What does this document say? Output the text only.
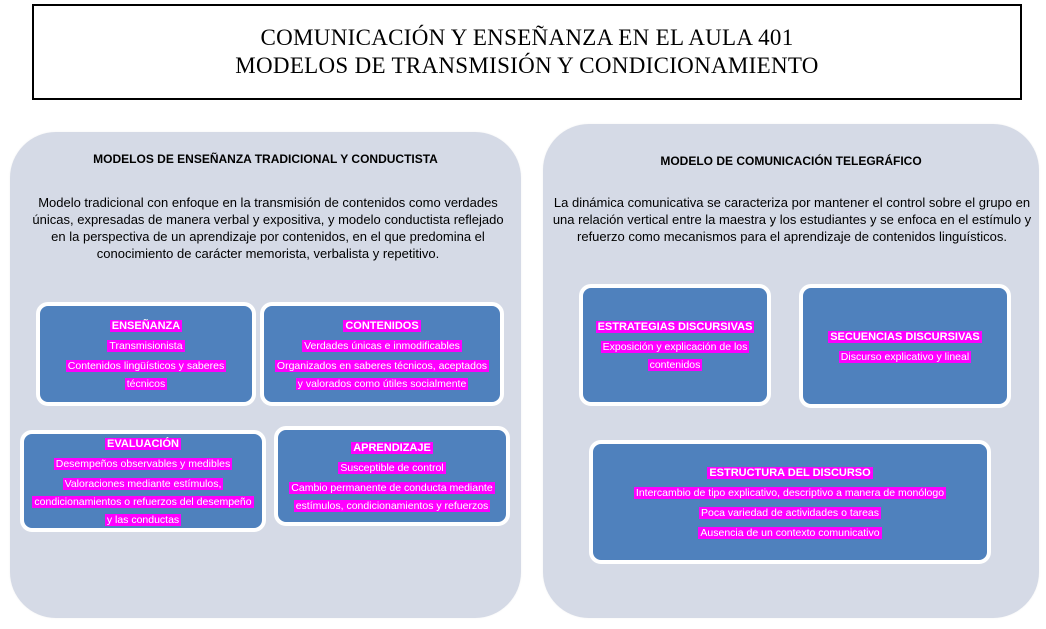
COMUNICACIÓN Y ENSEÑANZA EN EL AULA 401
MODELOS DE TRANSMISIÓN Y CONDICIONAMIENTO
MODELOS DE ENSEÑANZA TRADICIONAL Y CONDUCTISTA
Modelo tradicional con enfoque en la transmisión de contenidos como verdades únicas, expresadas de manera verbal y expositiva, y modelo conductista reflejado en la perspectiva de un aprendizaje por contenidos, en el que predomina el conocimiento de carácter memorista, verbalista y repetitivo.
ENSEÑANZA
Transmisionista
Contenidos lingüísticos y saberes técnicos
CONTENIDOS
Verdades únicas e inmodificables
Organizados en saberes técnicos, aceptados y valorados como útiles socialmente
EVALUACIÓN
Desempeños observables y medibles
Valoraciones mediante estímulos, condicionamientos o refuerzos del desempeño y las conductas
APRENDIZAJE
Susceptible de control
Cambio permanente de conducta mediante estímulos, condicionamientos y refuerzos
MODELO DE COMUNICACIÓN TELEGRÁFICO
La dinámica comunicativa se caracteriza por mantener el control sobre el grupo en una relación vertical entre la maestra y los estudiantes y se enfoca en el estímulo y refuerzo como mecanismos para el aprendizaje de contenidos linguísticos.
ESTRATEGIAS DISCURSIVAS
Exposición y explicación de los contenidos
SECUENCIAS DISCURSIVAS
Discurso explicativo y lineal
ESTRUCTURA DEL DISCURSO
Intercambio de tipo explicativo, descriptivo a manera de monólogo
Poca variedad de actividades o tareas
Ausencia de un contexto comunicativo
